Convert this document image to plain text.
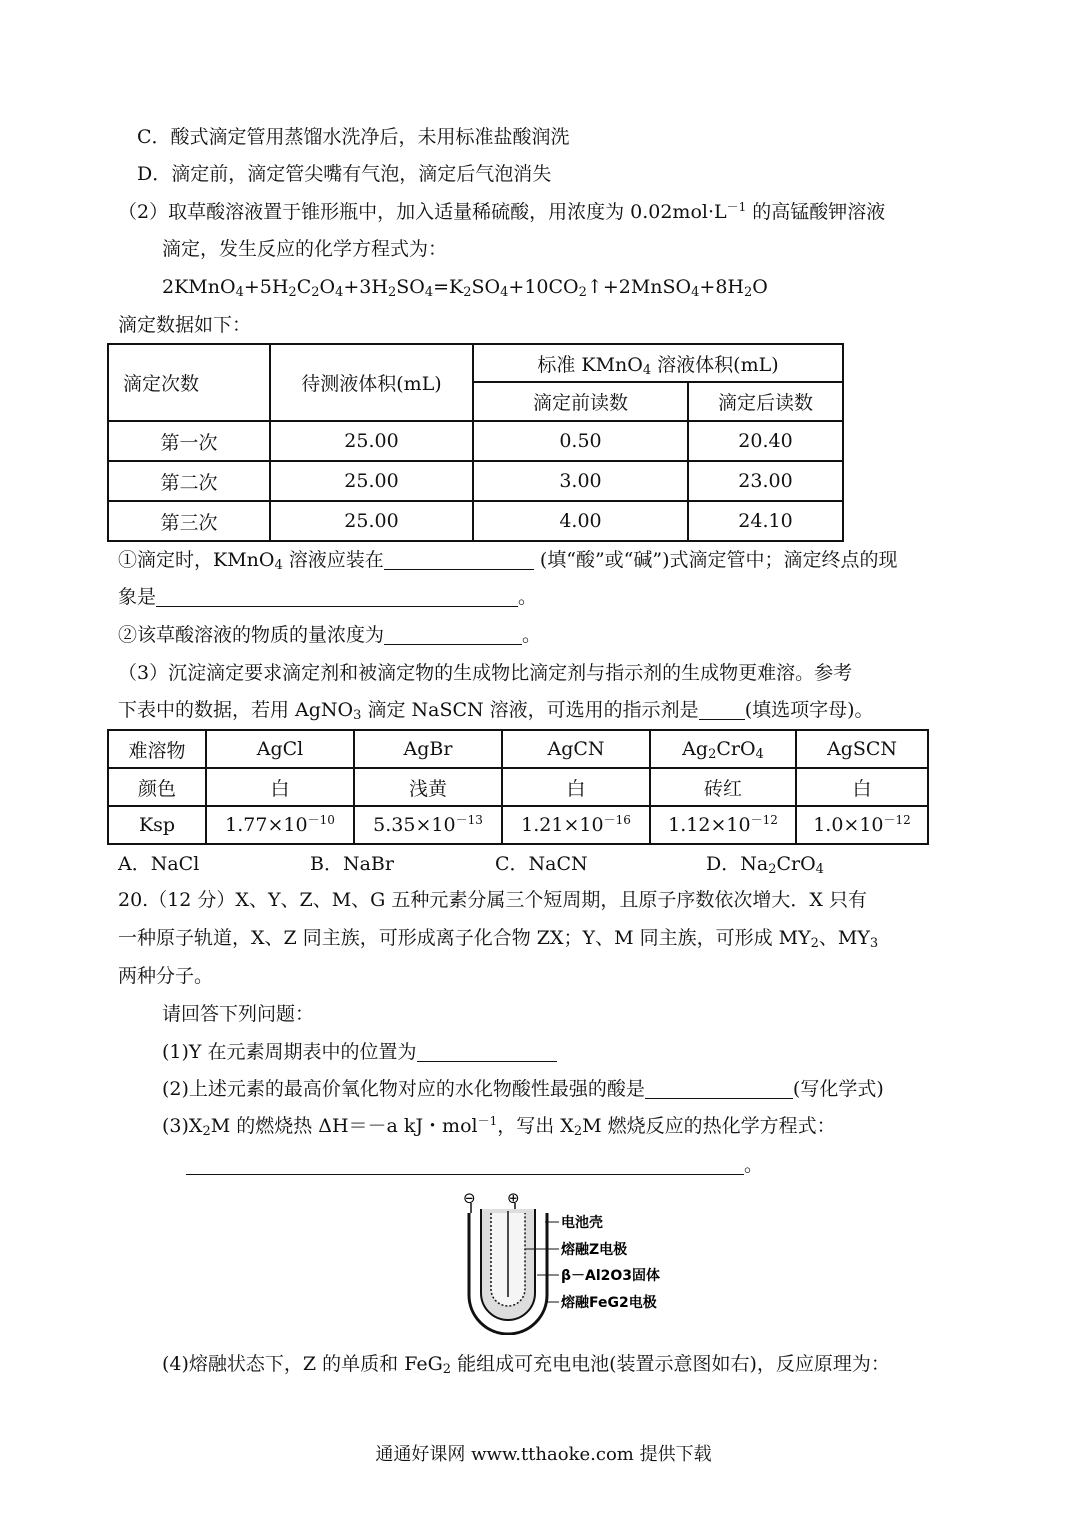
C．酸式滴定管用蒸馏水洗净后，未用标准盐酸润洗
D．滴定前，滴定管尖嘴有气泡，滴定后气泡消失
（2）取草酸溶液置于锥形瓶中，加入适量稀硫酸，用浓度为 $0.02mol\cdot L^{-1}$ 的高锰酸钾溶液
滴定，发生反应的化学方程式为：
$2KMnO_4+5H_2C_2O_4+3H_2SO_4=K_2SO_4+10CO_2↑+2MnSO_4+8H_2O$
滴定数据如下：
滴定次数	待测液体积(mL)	标准 KMnO$_4$ 溶液体积(mL)	
		滴定前读数	滴定后读数
第一次	25.00	0.50	20.40
第二次	25.00	3.00	23.00
第三次	25.00	4.00	24.10
①滴定时，KMnO$_4$ 溶液应装在	(填“酸”或“碱”)式滴定管中；滴定终点的现
象是	。
②该草酸溶液的物质的量浓度为	。
（3）沉淀滴定要求滴定剂和被滴定物的生成物比滴定剂与指示剂的生成物更难溶。参考
下表中的数据，若用 AgNO$_3$ 滴定 NaSCN 溶液，可选用的指示剂是 (填选项字母)。
难溶物	AgCl	AgBr	AgCN	$Ag_2CrO_4$	AgSCN
颜色	白	浅黄	白	砖红	白
Ksp	$1.77\times 10^{-10}$	$5.35\times 10^{-13}$	$1.21\times 10^{-16}$	$1.12\times 10^{-12}$	$1.0\times 10^{-12}$
A．NaCl	B．NaBr	C．NaCN	D．$Na_2CrO_4$
20.（12 分）X、Y、Z、M、G 五种元素分属三个短周期，且原子序数依次增大．X 只有
一种原子轨道，X、Z 同主族，可形成离子化合物 ZX；Y、M 同主族，可形成 $MY_2$、$MY_3$
两种分子。
请回答下列问题：
(1)Y 在元素周期表中的位置为
(2)上述元素的最高价氧化物对应的水化物酸性最强的酸是	(写化学式)
$(3)X_2M$ 的燃烧热 ΔH＝－a kJ・mol$^{-1}$，写出 $X_2M$ 燃烧反应的热化学方程式：
。
⊖ ⊕
电池壳
熔融Z电极
β－Al2O3固体
熔融FeG2电极
(4)熔融状态下，Z 的单质和 FeG$_2$ 能组成可充电电池(装置示意图如右)，反应原理为：
通通好课网 www.tthaoke.com 提供下载
